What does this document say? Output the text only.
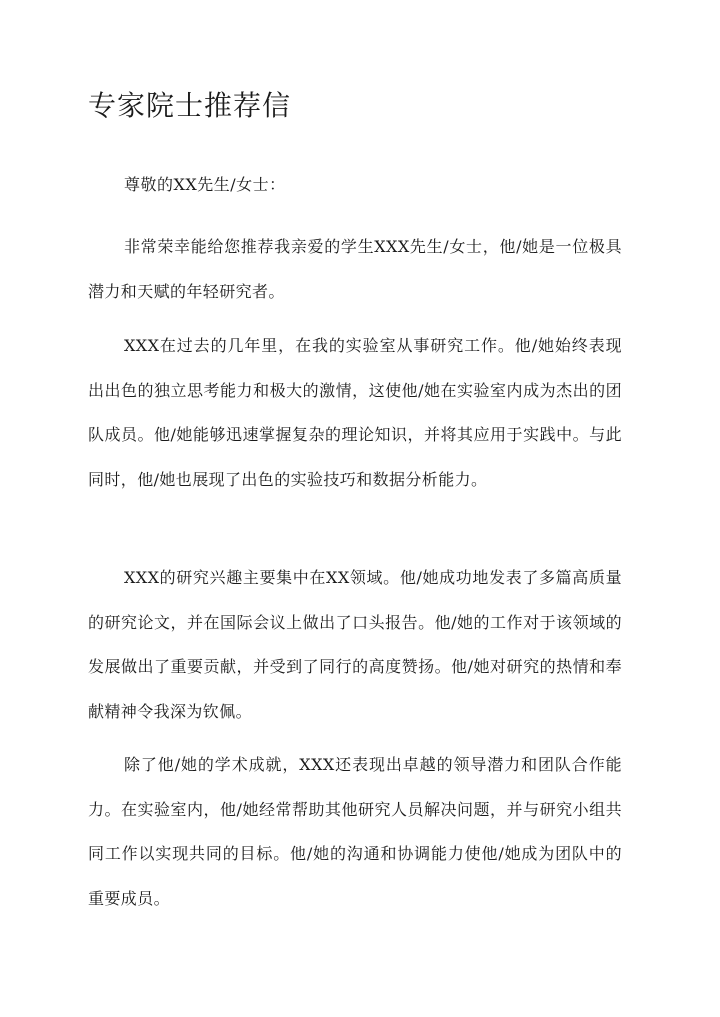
专家院士推荐信

尊敬的XX先生/女士：

非常荣幸能给您推荐我亲爱的学生XXX先生/女士，他/她是一位极具潜力和天赋的年轻研究者。

XXX在过去的几年里，在我的实验室从事研究工作。他/她始终表现出出色的独立思考能力和极大的激情，这使他/她在实验室内成为杰出的团队成员。他/她能够迅速掌握复杂的理论知识，并将其应用于实践中。与此同时，他/她也展现了出色的实验技巧和数据分析能力。

XXX的研究兴趣主要集中在XX领域。他/她成功地发表了多篇高质量的研究论文，并在国际会议上做出了口头报告。他/她的工作对于该领域的发展做出了重要贡献，并受到了同行的高度赞扬。他/她对研究的热情和奉献精神令我深为钦佩。

除了他/她的学术成就，XXX还表现出卓越的领导潜力和团队合作能力。在实验室内，他/她经常帮助其他研究人员解决问题，并与研究小组共同工作以实现共同的目标。他/她的沟通和协调能力使他/她成为团队中的重要成员。
